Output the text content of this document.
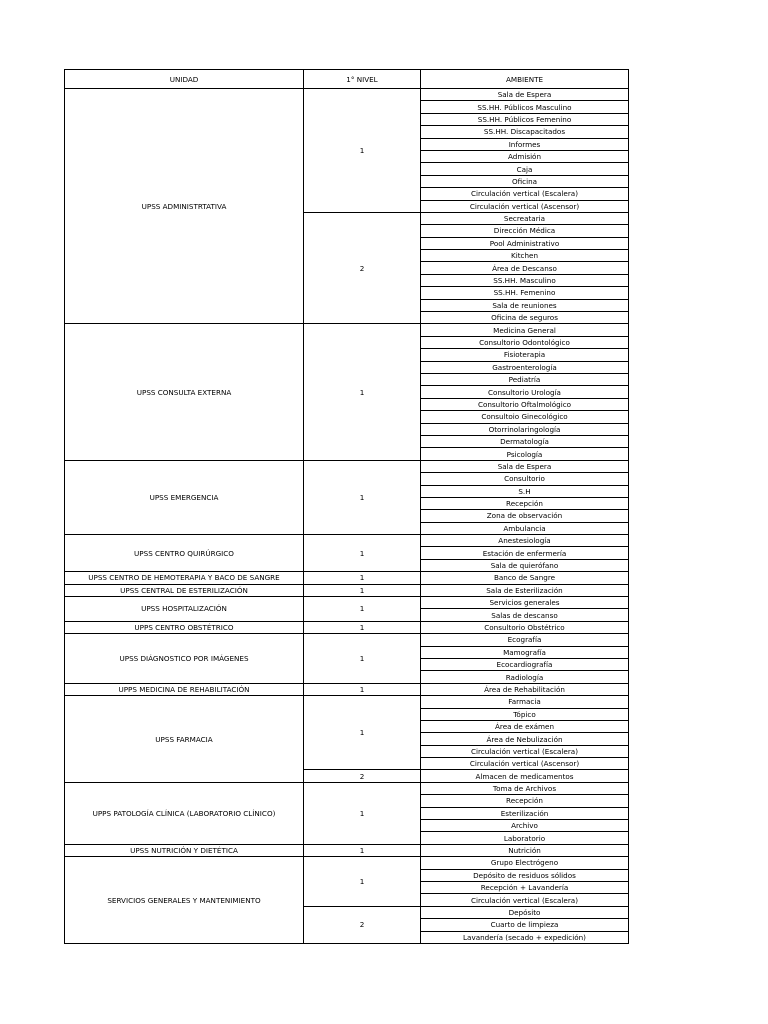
UNIDAD	1° NIVEL	AMBIENTE
UPSS ADMINISTRTATIVA	1	Sala de Espera
		SS.HH. Públicos Masculino
		SS.HH. Públicos Femenino
		SS.HH. Discapacitados
		Informes
		Admisión
		Caja
		Oficina
		Circulación vertical (Escalera)
		Circulación vertical (Ascensor)
	2	Secreataria
		Dirección Médica
		Pool Administrativo
		Kitchen
		Área de Descanso
		SS.HH. Masculino
		SS.HH. Femenino
		Sala de reuniones
		Oficina de seguros
UPSS CONSULTA EXTERNA	1	Medicina General
		Consultorio Odontológico
		Fisioterapia
		Gastroenterología
		Pediatría
		Consultorio Urología
		Consultorio Oftalmológico
		Consultoio Ginecológico
		Otorrinolaringología
		Dermatología
		Psicología
UPSS EMERGENCIA	1	Sala de Espera
		Consultorio
		S.H
		Recepción
		Zona de observación
		Ambulancia
UPSS CENTRO QUIRÚRGICO	1	Anestesiología
		Estación de enfermería
		Sala de quierófano
UPSS CENTRO DE HEMOTERAPIA Y BACO DE SANGRE	1	Banco de Sangre
UPSS CENTRAL DE ESTERILIZACIÓN	1	Sala de Esterilización
UPSS HOSPITALIZACIÓN	1	Servicios generales
		Salas de descanso
UPPS CENTRO OBSTÉTRICO	1	Consultorio Obstétrico
UPSS DIÁGNOSTICO POR IMÁGENES	1	Ecografía
		Mamografía
		Ecocardiografía
		Radiología
UPPS MEDICINA DE REHABILITACIÓN	1	Área de Rehabilitación
UPSS FARMACIA	1	Farmacia
		Tópico
		Área de exámen
		Área de Nebulización
		Circulación vertical (Escalera)
		Circulación vertical (Ascensor)
	2	Almacen de medicamentos
UPPS PATOLOGÍA CLÍNICA (LABORATORIO CLÍNICO)	1	Toma de Archivos
		Recepción
		Esterilización
		Archivo
		Laboratorio
UPSS NUTRICIÓN Y DIETÉTICA	1	Nutrición
SERVICIOS GENERALES Y MANTENIMIENTO	1	Grupo Electrógeno
		Depósito de residuos sólidos
		Recepción + Lavandería
		Circulación vertical (Escalera)
	2	Depósito
		Cuarto de limpieza
		Lavandería (secado + expedición)
